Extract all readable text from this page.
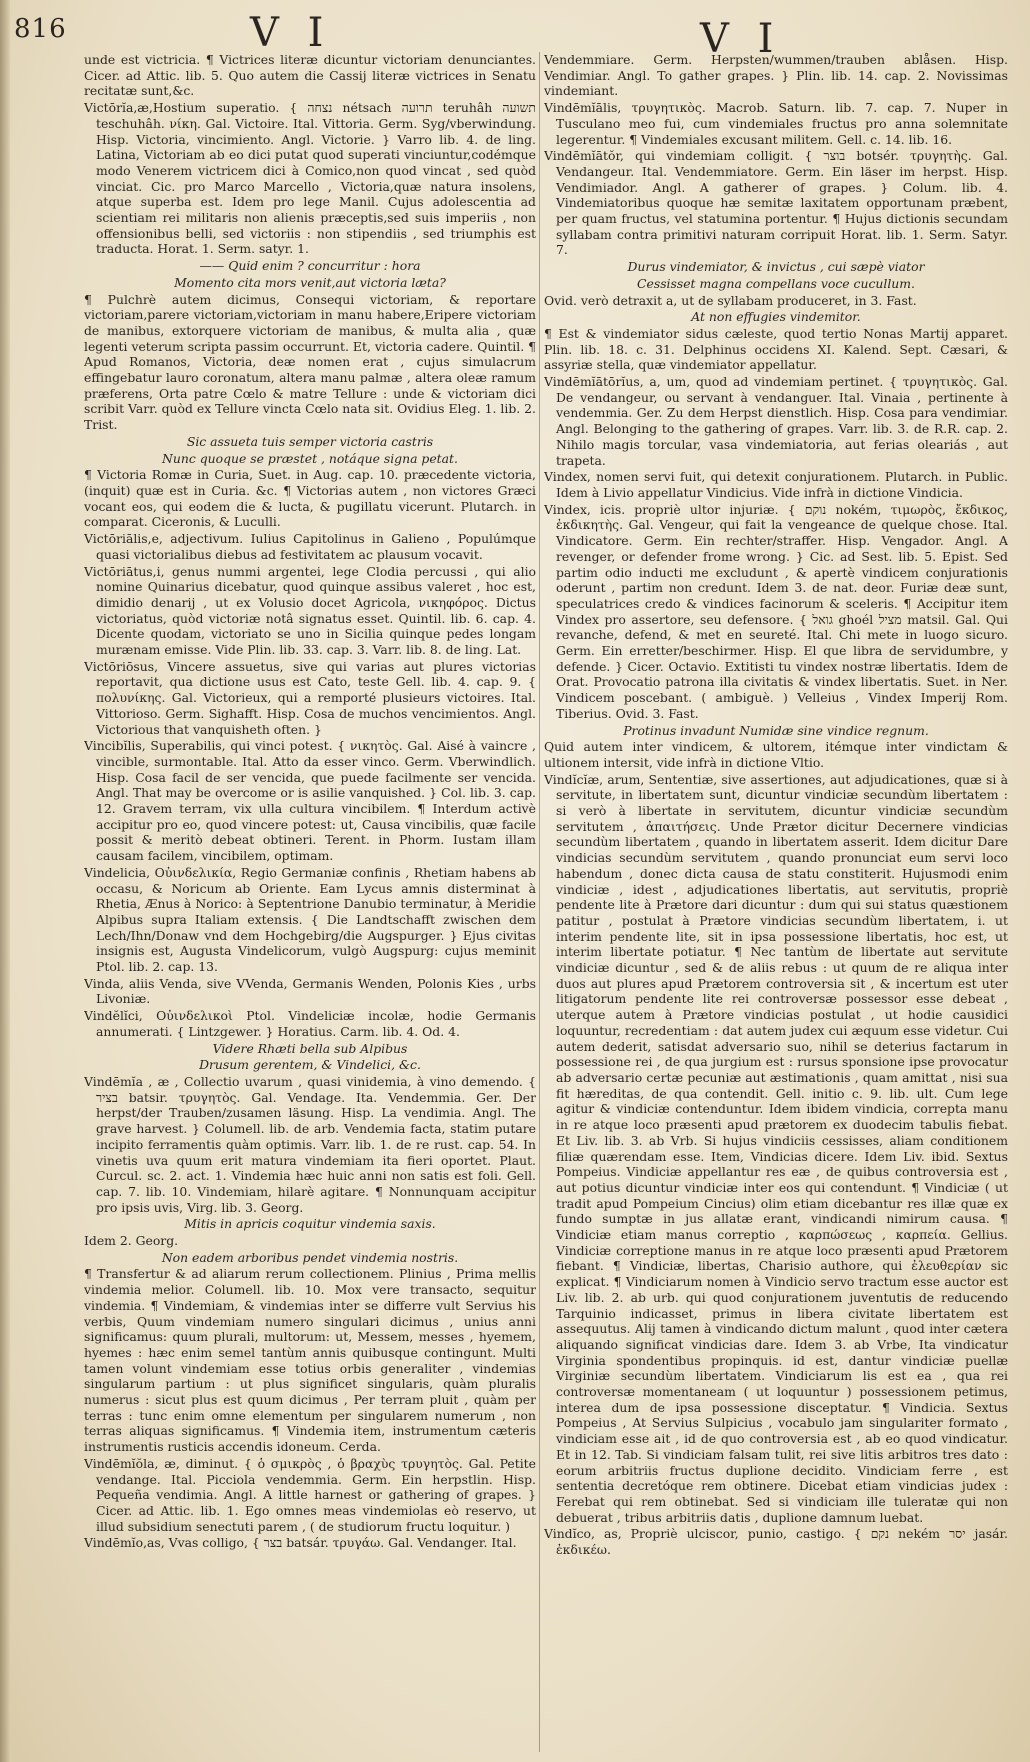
816	V I	V I

unde est victricia. ¶ Victrices literæ dicuntur victoriam denunciantes. Cicer. ad Attic. lib. 5. Quo autem die Cassij literæ victrices in Senatu recitatæ sunt,&c.

Victōrĭa,æ,Hostium superatio. { נצחה nétsach תרועה teruhâh תשועה teschuhâh. νίκη. Gal. Victoire. Ital. Vittoria. Germ. Syg/vberwindung. Hisp. Victoria, vincimiento. Angl. Victorie. } Varro lib. 4. de ling. Latina, Victoriam ab eo dici putat quod superati vinciuntur,codémque modo Venerem victricem dici à Comico,non quod vincat , sed quòd vinciat. Cic. pro Marco Marcello , Victoria,quæ natura insolens, atque superba est. Idem pro lege Manil. Cujus adolescentia ad scientiam rei militaris non alienis præceptis,sed suis imperiis , non offensionibus belli, sed victoriis : non stipendiis , sed triumphis est traducta. Horat. 1. Serm. satyr. 1.

—— Quid enim ? concurritur : hora

Momento cita mors venit,aut victoria læta?

¶ Pulchrè autem dicimus, Consequi victoriam, & reportare victoriam,parere victoriam,victoriam in manu habere,Eripere victoriam de manibus, extorquere victoriam de manibus, & multa alia , quæ legenti veterum scripta passim occurrunt. Et, victoria cadere. Quintil. ¶ Apud Romanos, Victoria, deæ nomen erat , cujus simulacrum effingebatur lauro coronatum, altera manu palmæ , altera oleæ ramum præferens, Orta patre Cœlo & matre Tellure : unde & victoriam dici scribit Varr. quòd ex Tellure vincta Cœlo nata sit. Ovidius Eleg. 1. lib. 2. Trist.

Sic assueta tuis semper victoria castris

Nunc quoque se præstet , notáque signa petat.

¶ Victoria Romæ in Curia, Suet. in Aug. cap. 10. præcedente victoria, (inquit) quæ est in Curia. &c. ¶ Victorias autem , non victores Græci vocant eos, qui eodem die & lucta, & pugillatu vicerunt. Plutarch. in comparat. Ciceronis, & Luculli.

Victōriālis,e, adjectivum. Iulius Capitolinus in Galieno , Populúmque quasi victorialibus diebus ad festivitatem ac plausum vocavit.

Victōriātus,i, genus nummi argentei, lege Clodia percussi , qui alio nomine Quinarius dicebatur, quod quinque assibus valeret , hoc est, dimidio denarij , ut ex Volusio docet Agricola, νικηφόρος. Dictus victoriatus, quòd victoriæ notâ signatus esset. Quintil. lib. 6. cap. 4. Dicente quodam, victoriato se uno in Sicilia quinque pedes longam murænam emisse. Vide Plin. lib. 33. cap. 3. Varr. lib. 8. de ling. Lat.

Victōriōsus, Vincere assuetus, sive qui varias aut plures victorias reportavit, qua dictione usus est Cato, teste Gell. lib. 4. cap. 9. { πολυνίκης. Gal. Victorieux, qui a remporté plusieurs victoires. Ital. Vittorioso. Germ. Sighafft. Hisp. Cosa de muchos vencimientos. Angl. Victorious that vanquisheth often. }

Vincibĭlis, Superabilis, qui vinci potest. { νικητὸς. Gal. Aisé à vaincre , vincible, surmontable. Ital. Atto da esser vinco. Germ. Vberwindlich. Hisp. Cosa facil de ser vencida, que puede facilmente ser vencida. Angl. That may be overcome or is asilie vanquished. } Col. lib. 3. cap. 12. Gravem terram, vix ulla cultura vincibilem. ¶ Interdum activè accipitur pro eo, quod vincere potest: ut, Causa vincibilis, quæ facile possit & meritò debeat obtineri. Terent. in Phorm. Iustam illam causam facilem, vincibilem, optimam.

Vindelicia, Οὐινδελικία, Regio Germaniæ confinis , Rhetiam habens ab occasu, & Noricum ab Oriente. Eam Lycus amnis disterminat à Rhetia, Ænus à Norico: à Septentrione Danubio terminatur, à Meridie Alpibus supra Italiam extensis. { Die Landtschafft zwischen dem Lech/Ihn/Donaw vnd dem Hochgebirg/die Augspurger. } Ejus civitas insignis est, Augusta Vindelicorum, vulgò Augspurg: cujus meminit Ptol. lib. 2. cap. 13.

Vinda, aliis Venda, sive VVenda, Germanis Wenden, Polonis Kies , urbs Livoniæ.

Vindĕlĭci, Οὐινδελικοὶ Ptol. Vindeliciæ incolæ, hodie Germanis annumerati. { Lintzgewer. } Horatius. Carm. lib. 4. Od. 4.

Videre Rhæti bella sub Alpibus

Drusum gerentem, & Vindelici, &c.

Vindēmĭa , æ , Collectio uvarum , quasi vinidemia, à vino demendo. { בציר batsir. τρυγητὸς. Gal. Vendage. Ita. Vendemmia. Ger. Der herpst/der Trauben/zusamen läsung. Hisp. La vendimia. Angl. The grave harvest. } Columell. lib. de arb. Vendemia facta, statim putare incipito ferramentis quàm optimis. Varr. lib. 1. de re rust. cap. 54. In vinetis uva quum erit matura vindemiam ita fieri oportet. Plaut. Curcul. sc. 2. act. 1. Vindemia hæc huic anni non satis est foli. Gell. cap. 7. lib. 10. Vindemiam, hilarè agitare. ¶ Nonnunquam accipitur pro ipsis uvis, Virg. lib. 3. Georg.

Mitis in apricis coquitur vindemia saxis.

Idem 2. Georg.

Non eadem arboribus pendet vindemia nostris.

¶ Transfertur & ad aliarum rerum collectionem. Plinius , Prima mellis vindemia melior. Columell. lib. 10. Mox vere transacto, sequitur vindemia. ¶ Vindemiam, & vindemias inter se differre vult Servius his verbis, Quum vindemiam numero singulari dicimus , unius anni significamus: quum plurali, multorum: ut, Messem, messes , hyemem, hyemes : hæc enim semel tantùm annis quibusque contingunt. Multi tamen volunt vindemiam esse totius orbis generaliter , vindemias singularum partium : ut plus significet singularis, quàm pluralis numerus : sicut plus est quum dicimus , Per terram pluit , quàm per terras : tunc enim omne elementum per singularem numerum , non terras aliquas significamus. ¶ Vindemia item, instrumentum cæteris instrumentis rusticis accendis idoneum. Cerda.

Vindēmĭŏla, æ, diminut. { ὁ σμικρὸς , ὁ βραχὺς τρυγητὸς. Gal. Petite vendange. Ital. Picciola vendemmia. Germ. Ein herpstlin. Hisp. Pequeña vendimia. Angl. A little harnest or gathering of grapes. } Cicer. ad Attic. lib. 1. Ego omnes meas vindemiolas eò reservo, ut illud subsidium senectuti parem , ( de studiorum fructu loquitur. )

Vindēmĭo,as, Vvas colligo, { בצר batsár. τρυγάω. Gal. Vendanger. Ital.

Vendemmiare. Germ. Herpsten/wummen/trauben ablåsen. Hisp. Vendimiar. Angl. To gather grapes. } Plin. lib. 14. cap. 2. Novissimas vindemiant.

Vindēmĭālis, τρυγητικὸς. Macrob. Saturn. lib. 7. cap. 7. Nuper in Tusculano meo fui, cum vindemiales fructus pro anna solemnitate legerentur. ¶ Vindemiales excusant militem. Gell. c. 14. lib. 16.

Vindēmĭātŏr, qui vindemiam colligit. { בוצר botsér. τρυγητὴς. Gal. Vendangeur. Ital. Vendemmiatore. Germ. Ein läser im herpst. Hisp. Vendimiador. Angl. A gatherer of grapes. } Colum. lib. 4. Vindemiatoribus quoque hæ semitæ laxitatem opportunam præbent, per quam fructus, vel statumina portentur. ¶ Hujus dictionis secundam syllabam contra primitivi naturam corripuit Horat. lib. 1. Serm. Satyr. 7.

Durus vindemiator, & invictus , cui sæpè viator

Cessisset magna compellans voce cucullum.

Ovid. verò detraxit a, ut de syllabam produceret, in 3. Fast.

At non effugies vindemitor.

¶ Est & vindemiator sidus cæleste, quod tertio Nonas Martij apparet. Plin. lib. 18. c. 31. Delphinus occidens XI. Kalend. Sept. Cæsari, & assyriæ stella, quæ vindemiator appellatur.

Vindēmĭātōrĭus, a, um, quod ad vindemiam pertinet. { τρυγητικὸς. Gal. De vendangeur, ou servant à vendanguer. Ital. Vinaia , pertinente à vendemmia. Ger. Zu dem Herpst dienstlich. Hisp. Cosa para vendimiar. Angl. Belonging to the gathering of grapes. Varr. lib. 3. de R.R. cap. 2. Nihilo magis torcular, vasa vindemiatoria, aut ferias oleariás , aut trapeta.

Vindex, nomen servi fuit, qui detexit conjurationem. Plutarch. in Public. Idem à Livio appellatur Vindicius. Vide infrà in dictione Vindicia.

Vindex, icis. propriè ultor injuriæ. { נוקם nokém, τιμωρὸς, ἔκδικος, ἐκδικητὴς. Gal. Vengeur, qui fait la vengeance de quelque chose. Ital. Vindicatore. Germ. Ein rechter/straffer. Hisp. Vengador. Angl. A revenger, or defender frome wrong. } Cic. ad Sest. lib. 5. Epist. Sed partim odio inducti me excludunt , & apertè vindicem conjurationis oderunt , partim non credunt. Idem 3. de nat. deor. Furiæ deæ sunt, speculatrices credo & vindices facinorum & sceleris. ¶ Accipitur item Vindex pro assertore, seu defensore. { גואל ghoél מציל matsil. Gal. Qui revanche, defend, & met en seureté. Ital. Chi mete in luogo sicuro. Germ. Ein erretter/beschirmer. Hisp. El que libra de servidumbre, y defende. } Cicer. Octavio. Extitisti tu vindex nostræ libertatis. Idem de Orat. Provocatio patrona illa civitatis & vindex libertatis. Suet. in Ner. Vindicem poscebant. ( ambiguè. ) Velleius , Vindex Imperij Rom. Tiberius. Ovid. 3. Fast.

Protinus invadunt Numidæ sine vindice regnum.

Quid autem inter vindicem, & ultorem, itémque inter vindictam & ultionem intersit, vide infrà in dictione Vltio.

Vindĭcĭæ, arum, Sententiæ, sive assertiones, aut adjudicationes, quæ si à servitute, in libertatem sunt, dicuntur vindiciæ secundùm libertatem : si verò à libertate in servitutem, dicuntur vindiciæ secundùm servitutem , ἀπαιτήσεις. Unde Prætor dicitur Decernere vindicias secundùm libertatem , quando in libertatem asserit. Idem dicitur Dare vindicias secundùm servitutem , quando pronunciat eum servi loco habendum , donec dicta causa de statu constiterit. Hujusmodi enim vindiciæ , idest , adjudicationes libertatis, aut servitutis, propriè pendente lite à Prætore dari dicuntur : dum qui sui status quæstionem patitur , postulat à Prætore vindicias secundùm libertatem, i. ut interim pendente lite, sit in ipsa possessione libertatis, hoc est, ut interim libertate potiatur. ¶ Nec tantùm de libertate aut servitute vindiciæ dicuntur , sed & de aliis rebus : ut quum de re aliqua inter duos aut plures apud Prætorem controversia sit , & incertum est uter litigatorum pendente lite rei controversæ possessor esse debeat , uterque autem à Prætore vindicias postulat , ut hodie causidici loquuntur, recredentiam : dat autem judex cui æquum esse videtur. Cui autem dederit, satisdat adversario suo, nihil se deterius factarum in possessione rei , de qua jurgium est : rursus sponsione ipse provocatur ab adversario certæ pecuniæ aut æstimationis , quam amittat , nisi sua fit hæreditas, de qua contendit. Gell. initio c. 9. lib. ult. Cum lege agitur & vindiciæ contenduntur. Idem ibidem vindicia, correpta manu in re atque loco præsenti apud prætorem ex duodecim tabulis fiebat. Et Liv. lib. 3. ab Vrb. Si hujus vindiciis cessisses, aliam conditionem filiæ quærendam esse. Item, Vindicias dicere. Idem Liv. ibid. Sextus Pompeius. Vindiciæ appellantur res eæ , de quibus controversia est , aut potius dicuntur vindiciæ inter eos qui contendunt. ¶ Vindiciæ ( ut tradit apud Pompeium Cincius) olim etiam dicebantur res illæ quæ ex fundo sumptæ in jus allatæ erant, vindicandi nimirum causa. ¶ Vindiciæ etiam manus correptio , καρπώσεως , καρπεία. Gellius. Vindiciæ correptione manus in re atque loco præsenti apud Prætorem fiebant. ¶ Vindiciæ, libertas, Charisio authore, qui ἐλευθερίαν sic explicat. ¶ Vindiciarum nomen à Vindicio servo tractum esse auctor est Liv. lib. 2. ab urb. qui quod conjurationem juventutis de reducendo Tarquinio indicasset, primus in libera civitate libertatem est assequutus. Alij tamen à vindicando dictum malunt , quod inter cætera aliquando significat vindicias dare. Idem 3. ab Vrbe, Ita vindicatur Virginia spondentibus propinquis. id est, dantur vindiciæ puellæ Virginiæ secundùm libertatem. Vindiciarum lis est ea , qua rei controversæ momentaneam ( ut loquuntur ) possessionem petimus, interea dum de ipsa possessione disceptatur. ¶ Vindicia. Sextus Pompeius , At Servius Sulpicius , vocabulo jam singulariter formato , vindiciam esse ait , id de quo controversia est , ab eo quod vindicatur. Et in 12. Tab. Si vindiciam falsam tulit, rei sive litis arbitros tres dato : eorum arbitriis fructus duplione decidito. Vindiciam ferre , est sententia decretóque rem obtinere. Dicebat etiam vindicias judex : Ferebat qui rem obtinebat. Sed si vindiciam ille tuleratæ qui non debuerat , tribus arbitriis datis , duplione damnum luebat.

Vindĭco, as, Propriè ulciscor, punio, castigo. { נקם nekém יסר jasár. ἐκδικέω.
